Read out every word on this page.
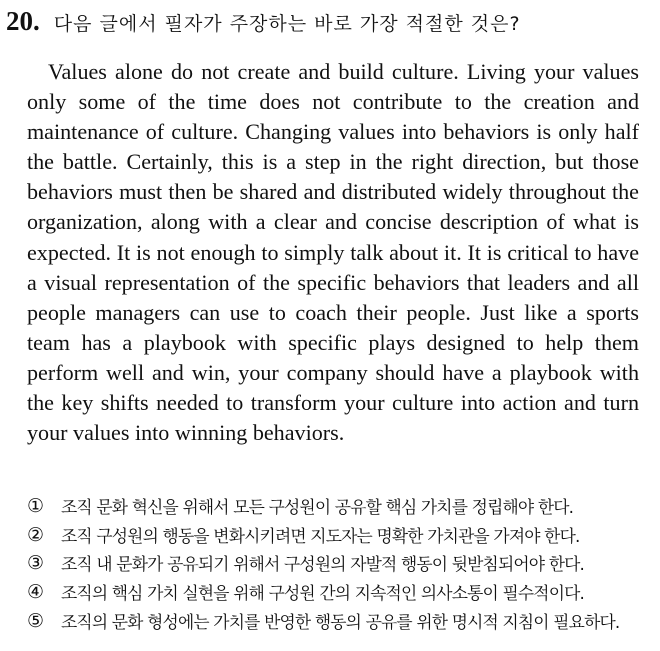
20. 다음 글에서 필자가 주장하는 바로 가장 적절한 것은?

Values alone do not create and build culture. Living your values only some of the time does not contribute to the creation and maintenance of culture. Changing values into behaviors is only half the battle. Certainly, this is a step in the right direction, but those behaviors must then be shared and distributed widely throughout the organization, along with a clear and concise description of what is expected. It is not enough to simply talk about it. It is critical to have a visual representation of the specific behaviors that leaders and all people managers can use to coach their people. Just like a sports team has a playbook with specific plays designed to help them perform well and win, your company should have a playbook with the key shifts needed to transform your culture into action and turn your values into winning behaviors.

①	조직 문화 혁신을 위해서 모든 구성원이 공유할 핵심 가치를 정립해야 한다.
②	조직 구성원의 행동을 변화시키려면 지도자는 명확한 가치관을 가져야 한다.
③	조직 내 문화가 공유되기 위해서 구성원의 자발적 행동이 뒷받침되어야 한다.
④	조직의 핵심 가치 실현을 위해 구성원 간의 지속적인 의사소통이 필수적이다.
⑤	조직의 문화 형성에는 가치를 반영한 행동의 공유를 위한 명시적 지침이 필요하다.
